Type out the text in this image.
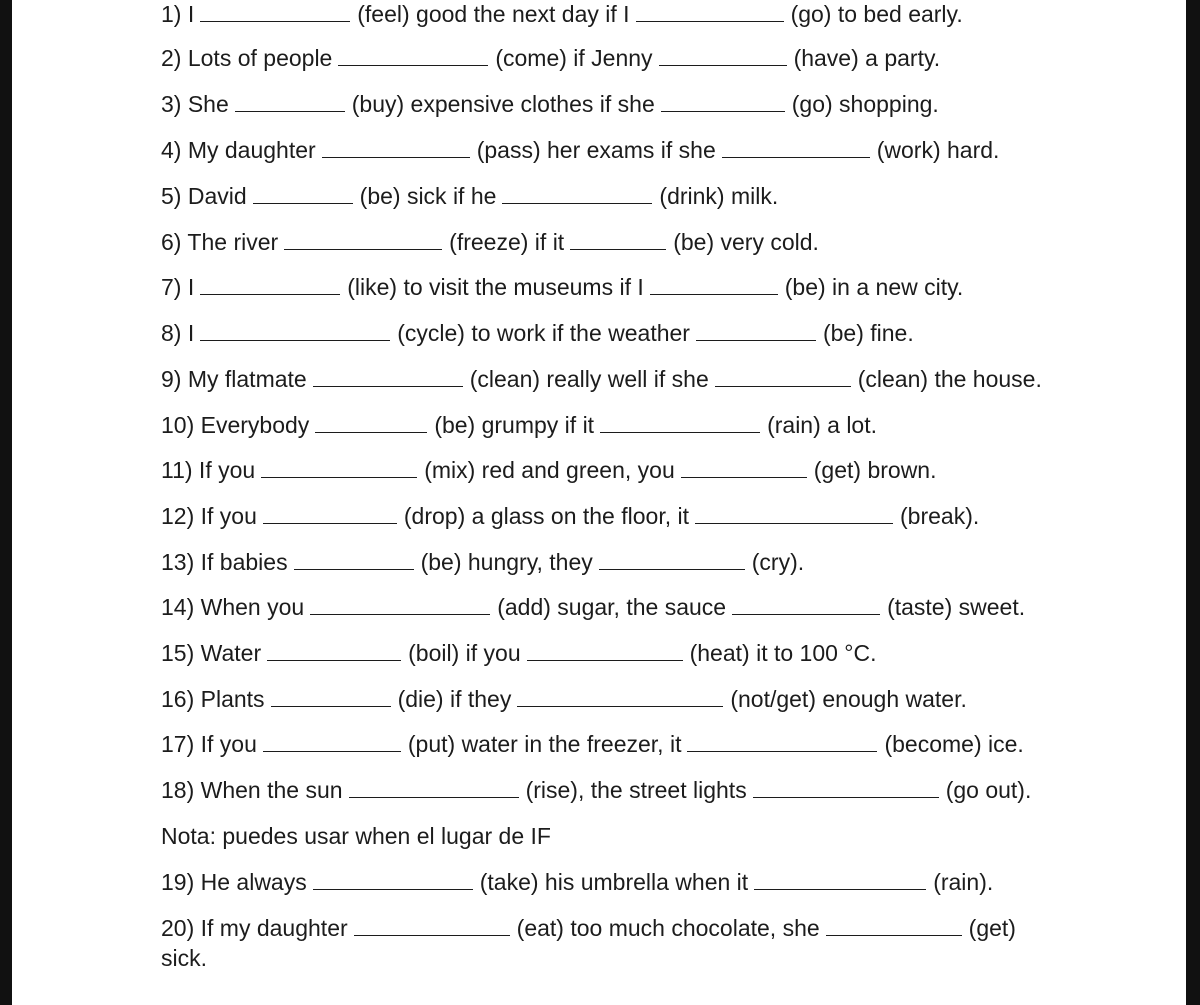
1) I	(feel) good the next day if I	(go) to bed early.
2) Lots of people	(come) if Jenny	(have) a party.
3) She	(buy) expensive clothes if she	(go) shopping.
4) My daughter	(pass) her exams if she	(work) hard.
5) David	(be) sick if he	(drink) milk.
6) The river	(freeze) if it	(be) very cold.
7) I	(like) to visit the museums if I	(be) in a new city.
8) I	(cycle) to work if the weather	(be) fine.
9) My flatmate	(clean) really well if she	(clean) the house.
10) Everybody	(be) grumpy if it	(rain) a lot.
11) If you	(mix) red and green, you	(get) brown.
12) If you	(drop) a glass on the floor, it	(break).
13) If babies	(be) hungry, they	(cry).
14) When you	(add) sugar, the sauce	(taste) sweet.
15) Water	(boil) if you	(heat) it to 100 °C.
16) Plants	(die) if they	(not/get) enough water.
17) If you	(put) water in the freezer, it	(become) ice.
18) When the sun	(rise), the street lights	(go out).
Nota: puedes usar when el lugar de IF
19) He always	(take) his umbrella when it	(rain).
20) If my daughter	(eat) too much chocolate, she	(get)
sick.
